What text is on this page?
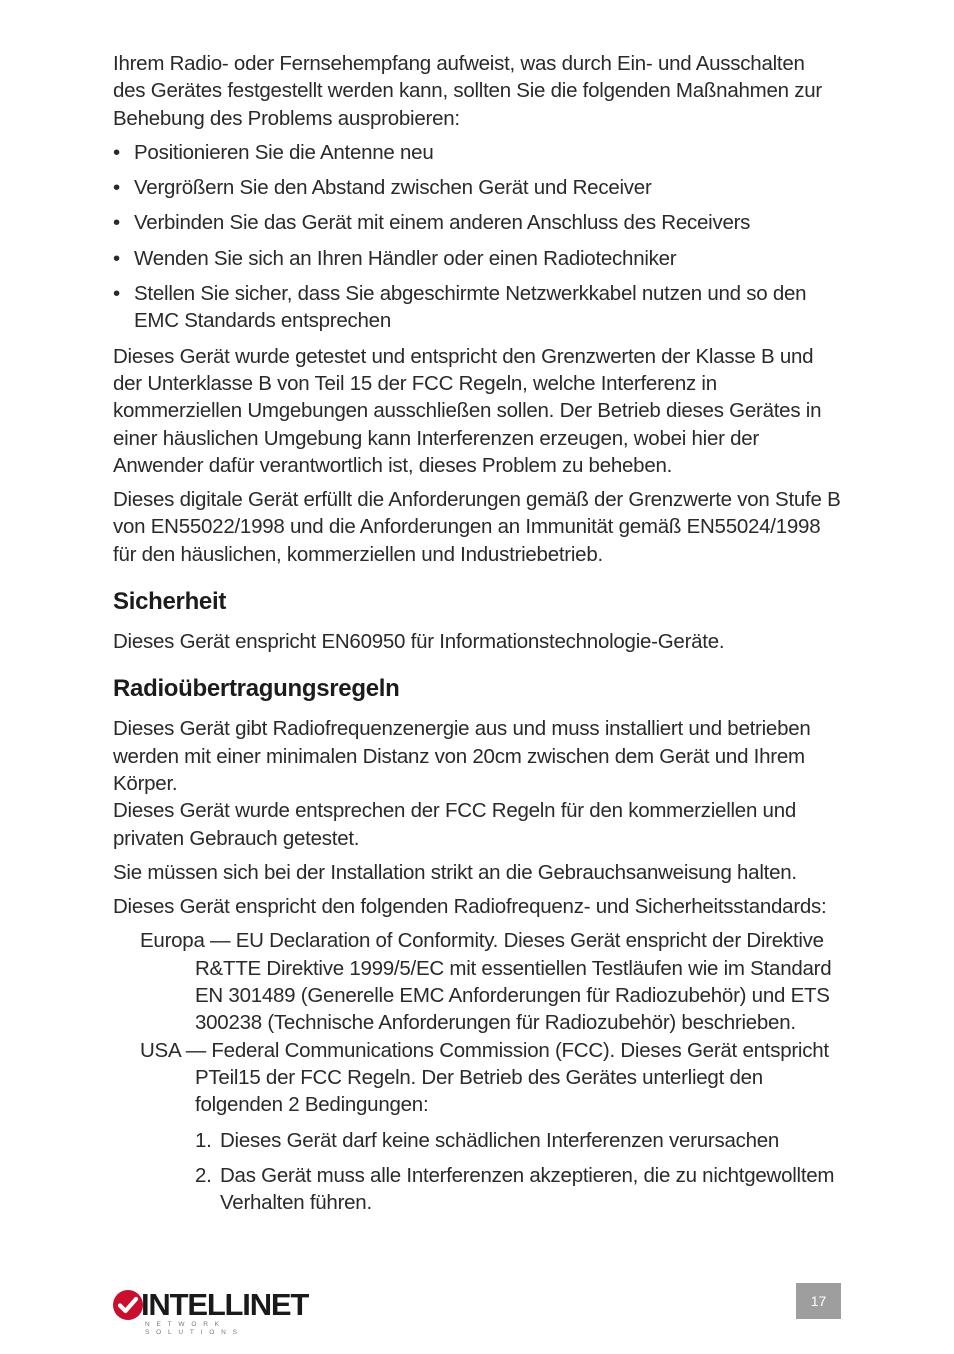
Ihrem Radio- oder Fernsehempfang aufweist, was durch Ein- und Ausschalten des Gerätes festgestellt werden kann, sollten Sie die folgenden Maßnahmen zur Behebung des Problems ausprobieren:

• Positionieren Sie die Antenne neu
• Vergrößern Sie den Abstand zwischen Gerät und Receiver
• Verbinden Sie das Gerät mit einem anderen Anschluss des Receivers
• Wenden Sie sich an Ihren Händler oder einen Radiotechniker
• Stellen Sie sicher, dass Sie abgeschirmte Netzwerkkabel nutzen und so den EMC Standards entsprechen

Dieses Gerät wurde getestet und entspricht den Grenzwerten der Klasse B und der Unterklasse B von Teil 15 der FCC Regeln, welche Interferenz in kommerziellen Umgebungen ausschließen sollen. Der Betrieb dieses Gerätes in einer häuslichen Umgebung kann Interferenzen erzeugen, wobei hier der Anwender dafür verantwortlich ist, dieses Problem zu beheben.

Dieses digitale Gerät erfüllt die Anforderungen gemäß der Grenzwerte von Stufe B von EN55022/1998 und die Anforderungen an Immunität gemäß EN55024/1998 für den häuslichen, kommerziellen und Industriebetrieb.

Sicherheit

Dieses Gerät enspricht EN60950 für Informationstechnologie-Geräte.

Radioübertragungsregeln

Dieses Gerät gibt Radiofrequenzenergie aus und muss installiert und betrieben werden mit einer minimalen Distanz von 20cm zwischen dem Gerät und Ihrem Körper.

Dieses Gerät wurde entsprechen der FCC Regeln für den kommerziellen und privaten Gebrauch getestet.

Sie müssen sich bei der Installation strikt an die Gebrauchsanweisung halten.

Dieses Gerät enspricht den folgenden Radiofrequenz- und Sicherheitsstandards:

Europa — EU Declaration of Conformity. Dieses Gerät enspricht der Direktive R&TTE Direktive 1999/5/EC mit essentiellen Testläufen wie im Standard EN 301489 (Generelle EMC Anforderungen für Radiozubehör) und ETS 300238 (Technische Anforderungen für Radiozubehör) beschrieben.
USA — Federal Communications Commission (FCC). Dieses Gerät entspricht PTeil15 der FCC Regeln. Der Betrieb des Gerätes unterliegt den folgenden 2 Bedingungen:
1. Dieses Gerät darf keine schädlichen Interferenzen verursachen
2. Das Gerät muss alle Interferenzen akzeptieren, die zu nichtgewolltem Verhalten führen.
INTELLINET
NETWORK SOLUTIONS
17
